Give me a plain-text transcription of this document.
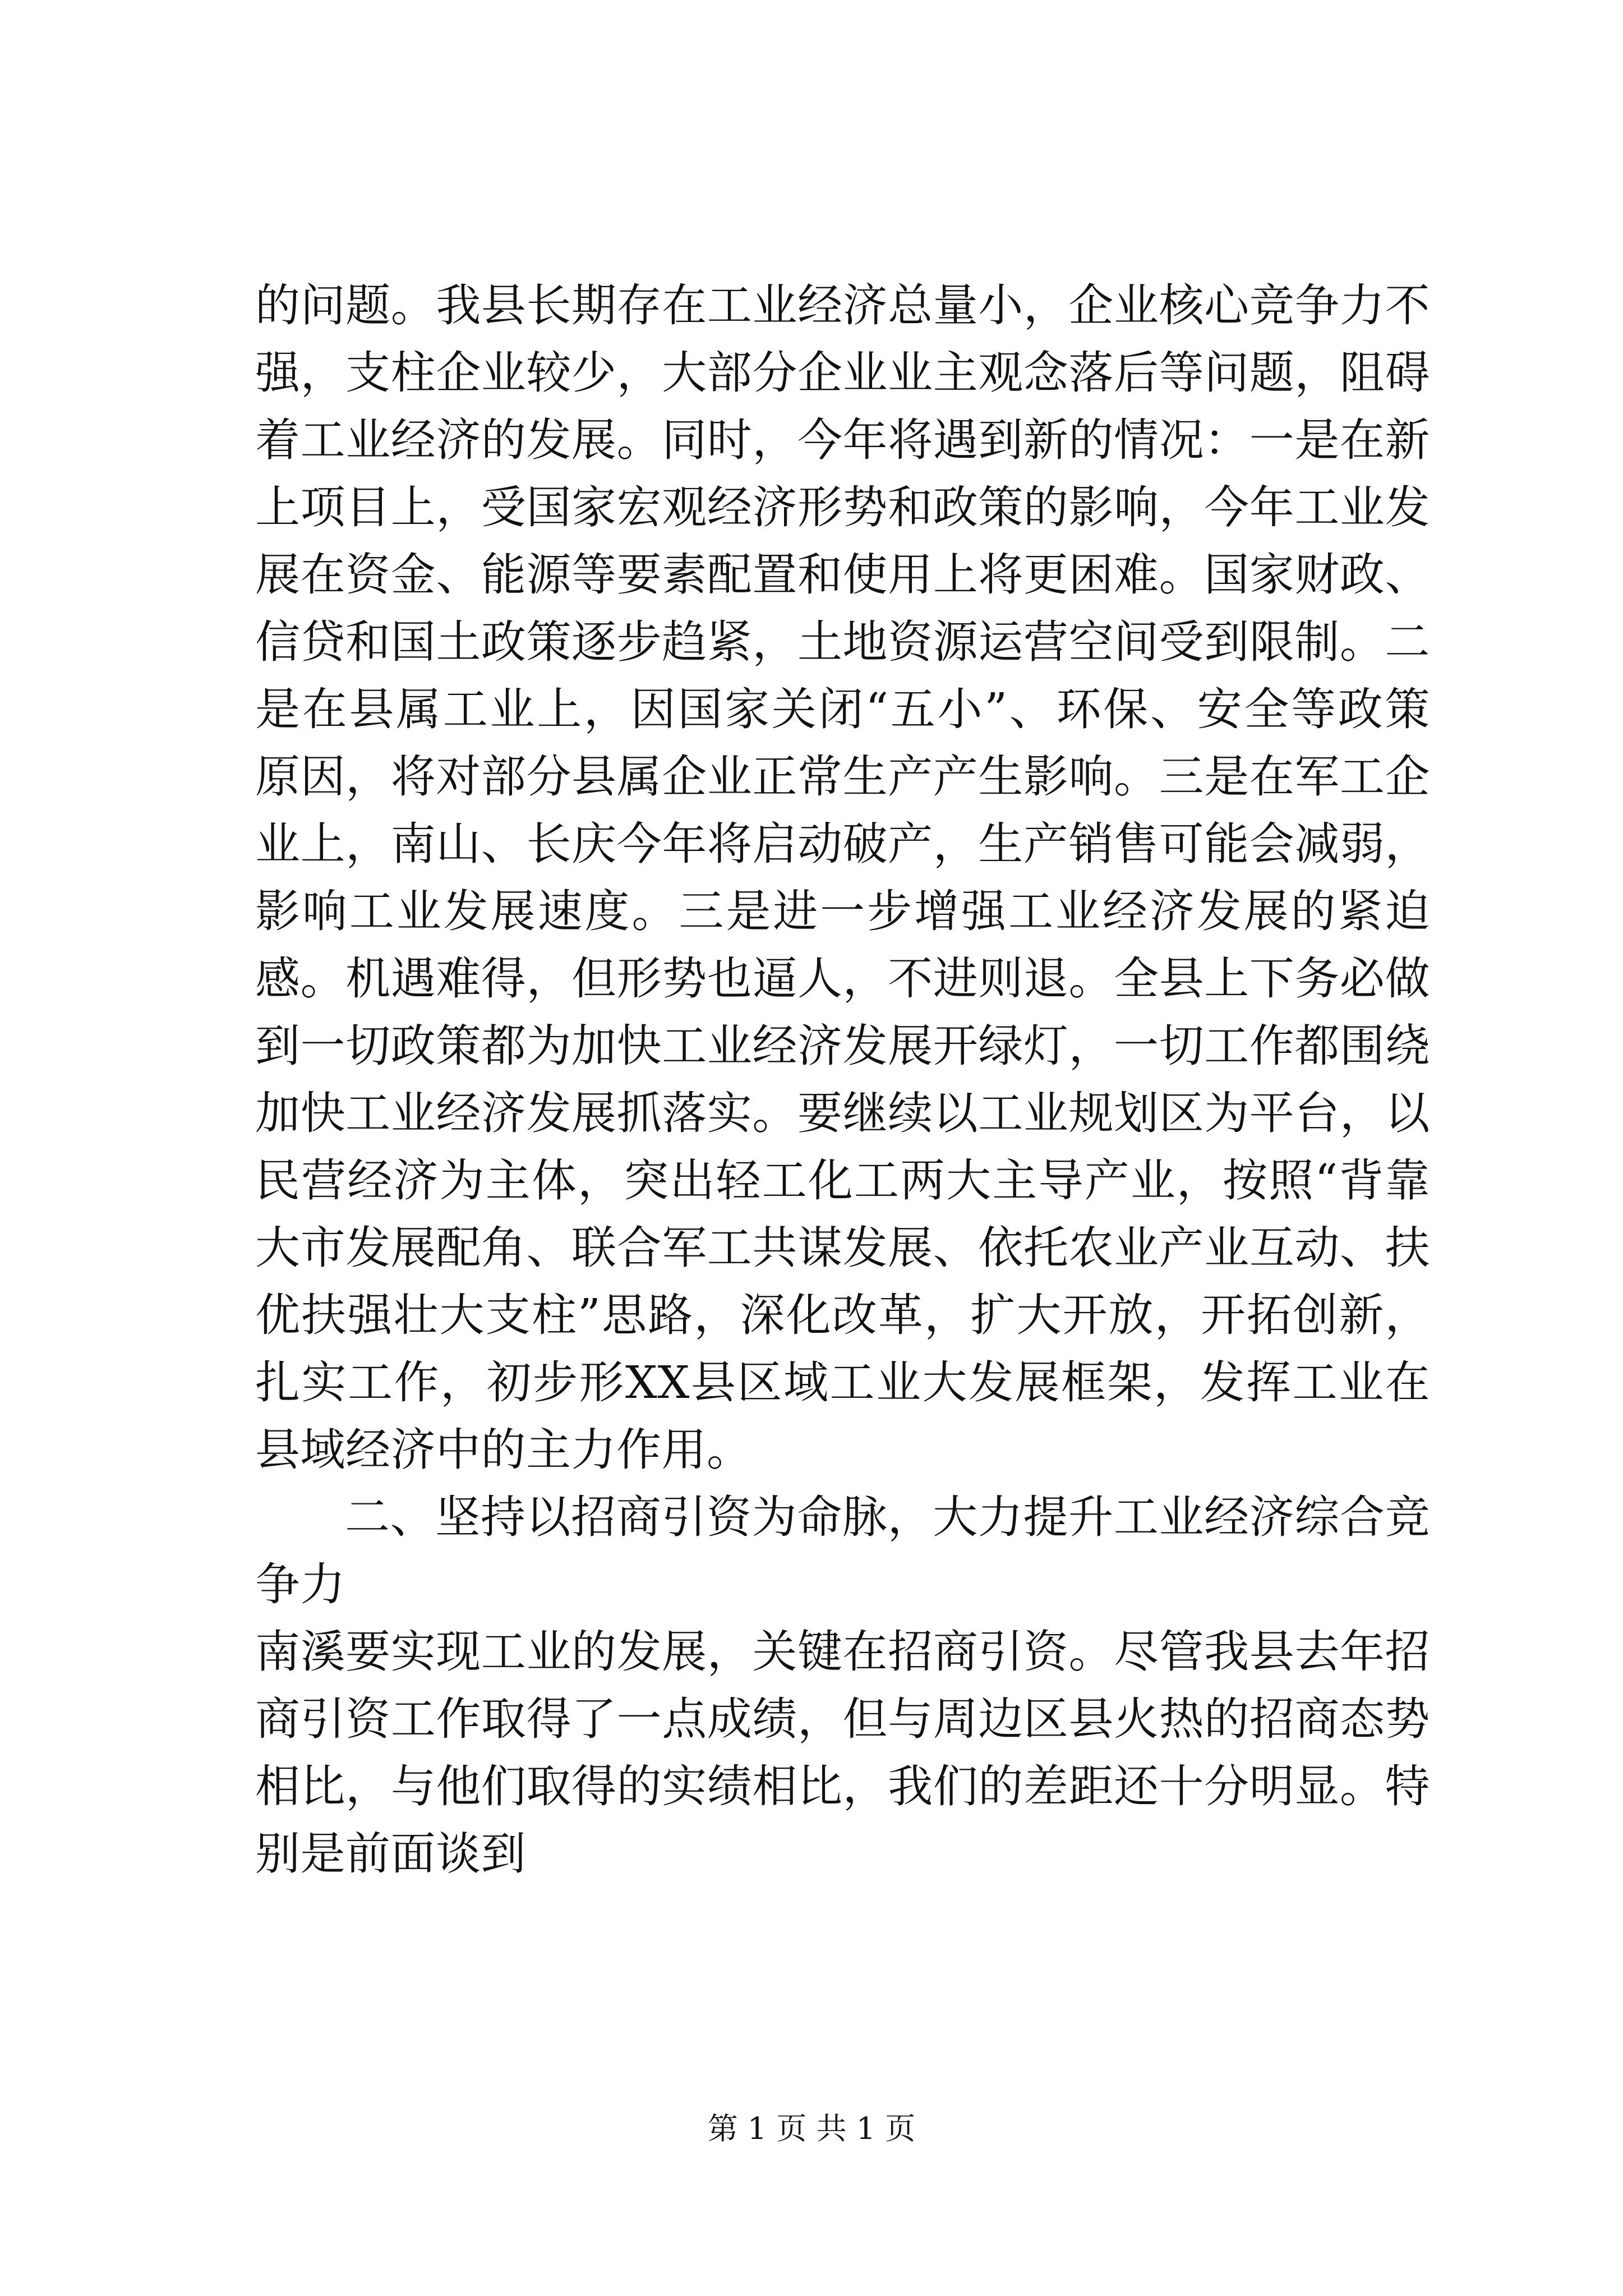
的问题。我县长期存在工业经济总量小，企业核心竞争力不强，支柱企业较少，大部分企业业主观念落后等问题，阻碍着工业经济的发展。同时，今年将遇到新的情况：一是在新上项目上，受国家宏观经济形势和政策的影响，今年工业发展在资金、能源等要素配置和使用上将更困难。国家财政、信贷和国土政策逐步趋紧，土地资源运营空间受到限制。二是在县属工业上，因国家关闭“五小”、环保、安全等政策原因，将对部分县属企业正常生产产生影响。三是在军工企业上，南山、长庆今年将启动破产，生产销售可能会减弱，影响工业发展速度。三是进一步增强工业经济发展的紧迫感。机遇难得，但形势也逼人，不进则退。全县上下务必做到一切政策都为加快工业经济发展开绿灯，一切工作都围绕加快工业经济发展抓落实。要继续以工业规划区为平台，以民营经济为主体，突出轻工化工两大主导产业，按照“背靠大市发展配角、联合军工共谋发展、依托农业产业互动、扶优扶强壮大支柱”思路，深化改革，扩大开放，开拓创新，扎实工作，初步形XX县区域工业大发展框架，发挥工业在县域经济中的主力作用。

二、坚持以招商引资为命脉，大力提升工业经济综合竞争力

南溪要实现工业的发展，关键在招商引资。尽管我县去年招商引资工作取得了一点成绩，但与周边区县火热的招商态势相比，与他们取得的实绩相比，我们的差距还十分明显。特别是前面谈到

第 1 页 共 1 页
